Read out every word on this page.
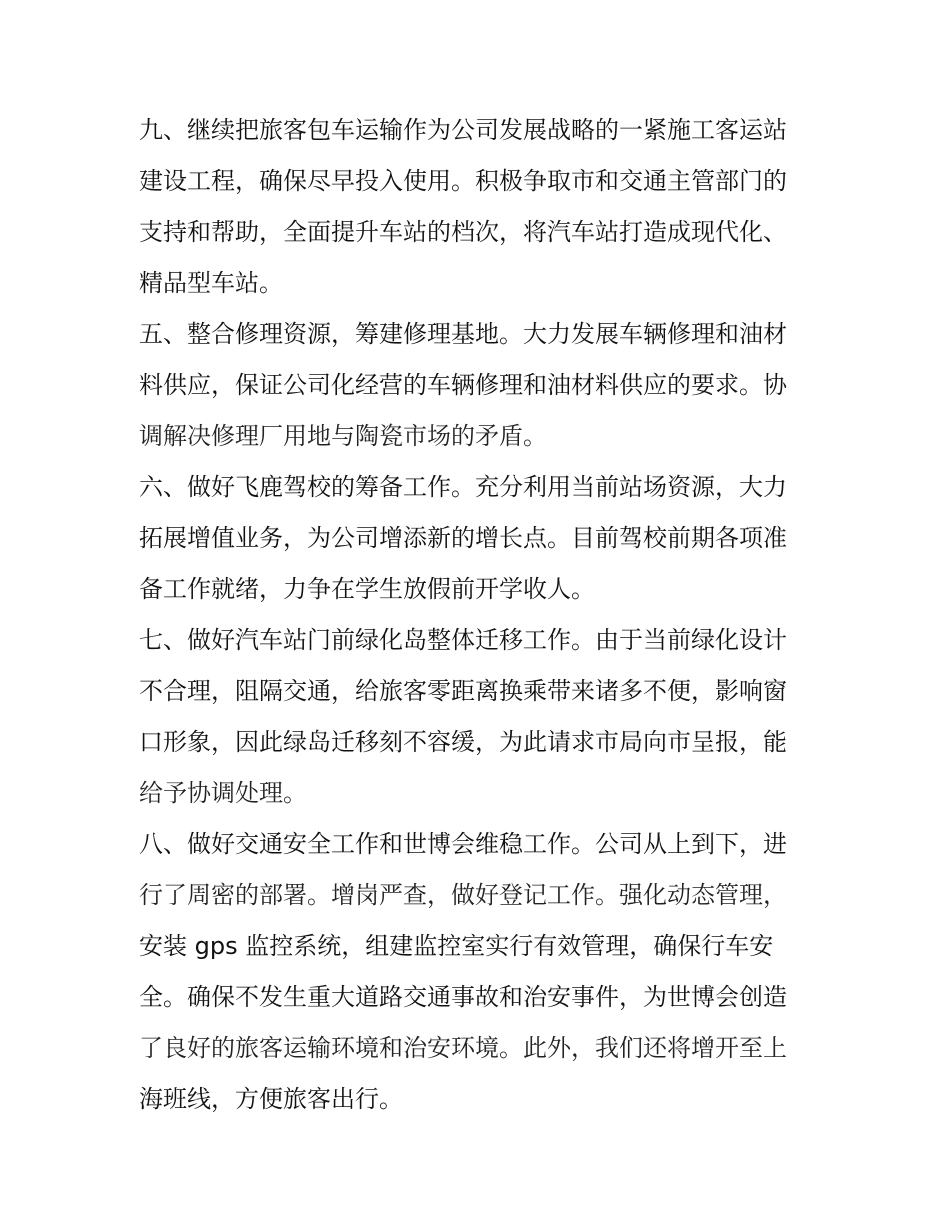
九、继续把旅客包车运输作为公司发展战略的一紧施工客运站
建设工程，确保尽早投入使用。积极争取市和交通主管部门的
支持和帮助，全面提升车站的档次，将汽车站打造成现代化、
精品型车站。
五、整合修理资源，筹建修理基地。大力发展车辆修理和油材
料供应，保证公司化经营的车辆修理和油材料供应的要求。协
调解决修理厂用地与陶瓷市场的矛盾。
六、做好飞鹿驾校的筹备工作。充分利用当前站场资源，大力
拓展增值业务，为公司增添新的增长点。目前驾校前期各项准
备工作就绪，力争在学生放假前开学收人。
七、做好汽车站门前绿化岛整体迁移工作。由于当前绿化设计
不合理，阻隔交通，给旅客零距离换乘带来诸多不便，影响窗
口形象，因此绿岛迁移刻不容缓，为此请求市局向市呈报，能
给予协调处理。
八、做好交通安全工作和世博会维稳工作。公司从上到下，进
行了周密的部署。增岗严查，做好登记工作。强化动态管理，
安装 gps 监控系统，组建监控室实行有效管理，确保行车安
全。确保不发生重大道路交通事故和治安事件，为世博会创造
了良好的旅客运输环境和治安环境。此外，我们还将增开至上
海班线，方便旅客出行。
